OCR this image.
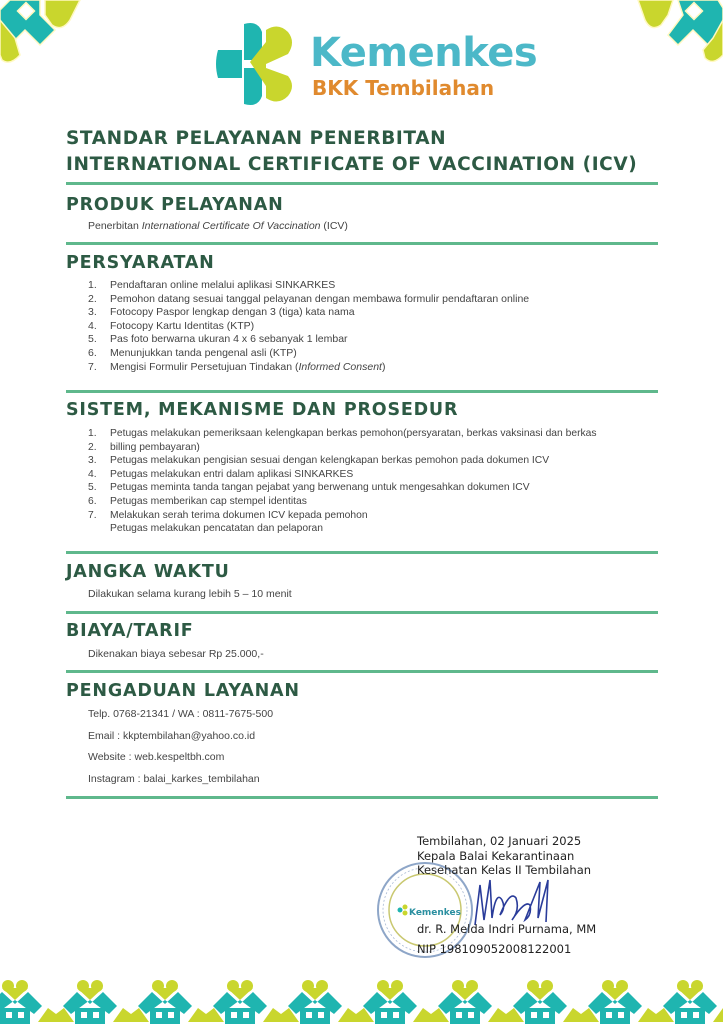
Kemenkes
BKK Tembilahan
STANDAR PELAYANAN PENERBITAN
INTERNATIONAL CERTIFICATE OF VACCINATION (ICV)
PRODUK PELAYANAN
Penerbitan International Certificate Of Vaccination (ICV)
PERSYARATAN
1.	Pendaftaran online melalui aplikasi SINKARKES
2.	Pemohon datang sesuai tanggal pelayanan dengan membawa formulir pendaftaran online
3.	Fotocopy Paspor lengkap dengan 3 (tiga) kata nama
4.	Fotocopy Kartu Identitas (KTP)
5.	Pas foto berwarna ukuran 4 x 6 sebanyak 1 lembar
6.	Menunjukkan tanda pengenal asli (KTP)
7.	Mengisi Formulir Persetujuan Tindakan (Informed Consent)
SISTEM, MEKANISME DAN PROSEDUR
1.	Petugas melakukan pemeriksaan kelengkapan berkas pemohon(persyaratan, berkas vaksinasi dan berkas
2.	billing pembayaran)
3.	Petugas melakukan pengisian sesuai dengan kelengkapan berkas pemohon pada dokumen ICV
4.	Petugas melakukan entri dalam aplikasi SINKARKES
5.	Petugas meminta tanda tangan pejabat yang berwenang untuk mengesahkan dokumen ICV
6.	Petugas memberikan cap stempel identitas
7.	Melakukan serah terima dokumen ICV kepada pemohon
Petugas melakukan pencatatan dan pelaporan
JANGKA WAKTU
Dilakukan selama kurang lebih 5 – 10 menit
BIAYA/TARIF
Dikenakan biaya sebesar Rp 25.000,-
PENGADUAN LAYANAN
Telp. 0768-21341 / WA : 0811-7675-500
Email : kkptembilahan@yahoo.co.id
Website : web.kespeltbh.com
Instagram : balai_karkes_tembilahan
Kemenkes
Tembilahan, 02 Januari 2025
Kepala Balai Kekarantinaan
Kesehatan Kelas II Tembilahan
dr. R. Melda Indri Purnama, MM
NIP 198109052008122001
